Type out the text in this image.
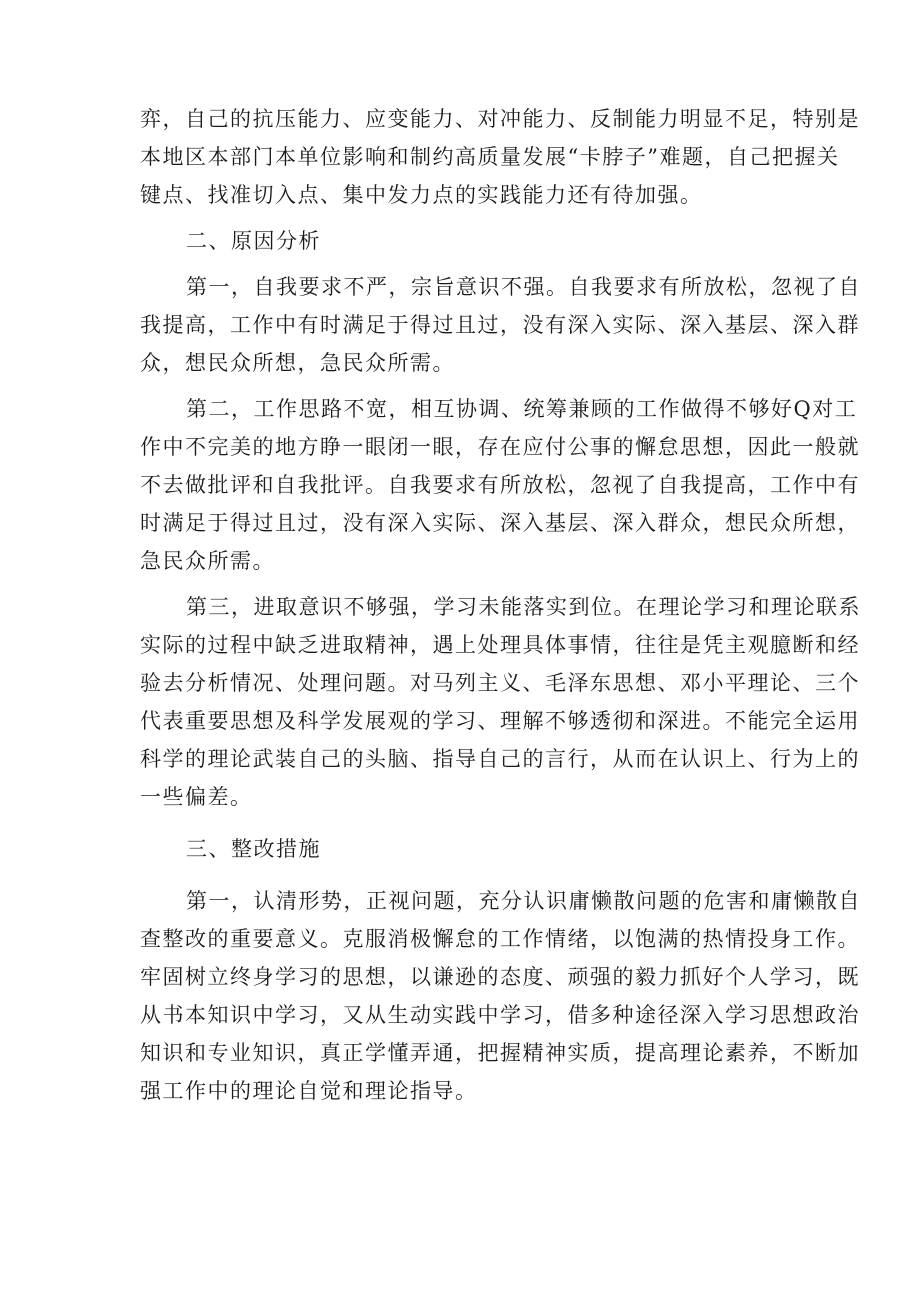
弈，自己的抗压能力、应变能力、对冲能力、反制能力明显不足，特别是
本地区本部门本单位影响和制约高质量发展“卡脖子”难题，自己把握关
键点、找准切入点、集中发力点的实践能力还有待加强。

二、原因分析

第一，自我要求不严，宗旨意识不强。自我要求有所放松，忽视了自
我提高，工作中有时满足于得过且过，没有深入实际、深入基层、深入群
众，想民众所想，急民众所需。

第二，工作思路不宽，相互协调、统筹兼顾的工作做得不够好Q对工
作中不完美的地方睁一眼闭一眼，存在应付公事的懈怠思想，因此一般就
不去做批评和自我批评。自我要求有所放松，忽视了自我提高，工作中有
时满足于得过且过，没有深入实际、深入基层、深入群众，想民众所想，
急民众所需。

第三，进取意识不够强，学习未能落实到位。在理论学习和理论联系
实际的过程中缺乏进取精神，遇上处理具体事情，往往是凭主观臆断和经
验去分析情况、处理问题。对马列主义、毛泽东思想、邓小平理论、三个
代表重要思想及科学发展观的学习、理解不够透彻和深进。不能完全运用
科学的理论武装自己的头脑、指导自己的言行，从而在认识上、行为上的
一些偏差。

三、整改措施

第一，认清形势，正视问题，充分认识庸懒散问题的危害和庸懒散自
查整改的重要意义。克服消极懈怠的工作情绪，以饱满的热情投身工作。
牢固树立终身学习的思想，以谦逊的态度、顽强的毅力抓好个人学习，既
从书本知识中学习，又从生动实践中学习，借多种途径深入学习思想政治
知识和专业知识，真正学懂弄通，把握精神实质，提高理论素养，不断加
强工作中的理论自觉和理论指导。
